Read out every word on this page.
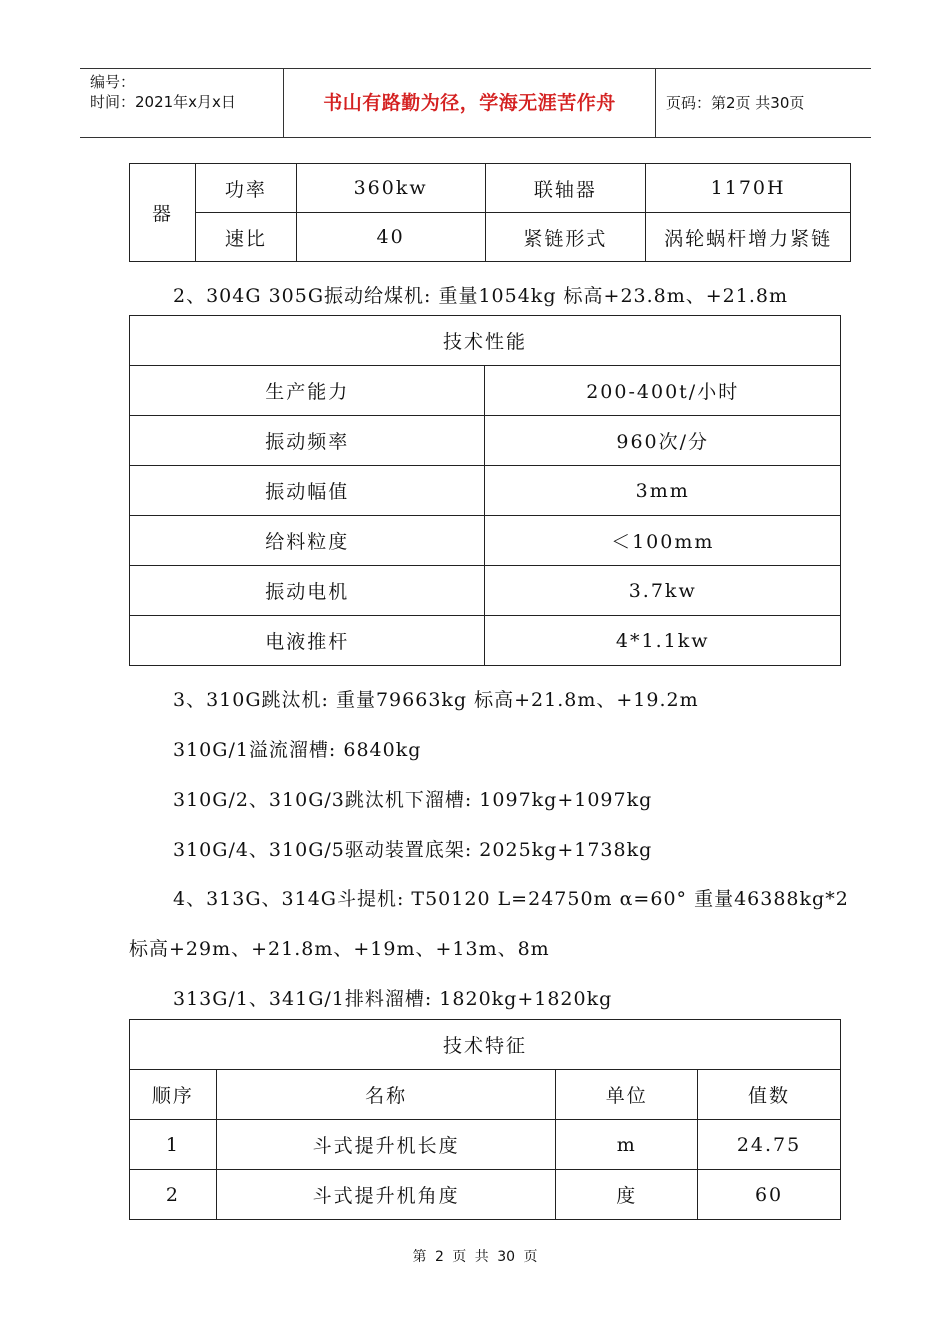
编号：
时间：2021年x月x日	书山有路勤为径，学海无涯苦作舟	页码：第2页 共30页
器	功率	360kw	联轴器	1170H
	速比	40	紧链形式	涡轮蜗杆增力紧链
2、304G 305G振动给煤机: 重量1054kg 标高+23.8m、+21.8m
技术性能	
生产能力	200-400t/小时
振动频率	960次/分
振动幅值	3mm
给料粒度	＜100mm
振动电机	3.7kw
电液推杆	4*1.1kw
3、310G跳汰机: 重量79663kg 标高+21.8m、+19.2m
310G/1溢流溜槽: 6840kg
310G/2、310G/3跳汰机下溜槽: 1097kg+1097kg
310G/4、310G/5驱动装置底架: 2025kg+1738kg
4、313G、314G斗提机: T50120 L=24750m α=60° 重量46388kg*2
标高+29m、+21.8m、+19m、+13m、8m
313G/1、341G/1排料溜槽: 1820kg+1820kg
技术特征			
顺序	名称	单位	值数
1	斗式提升机长度	m	24.75
2	斗式提升机角度	度	60
第 2 页 共 30 页
